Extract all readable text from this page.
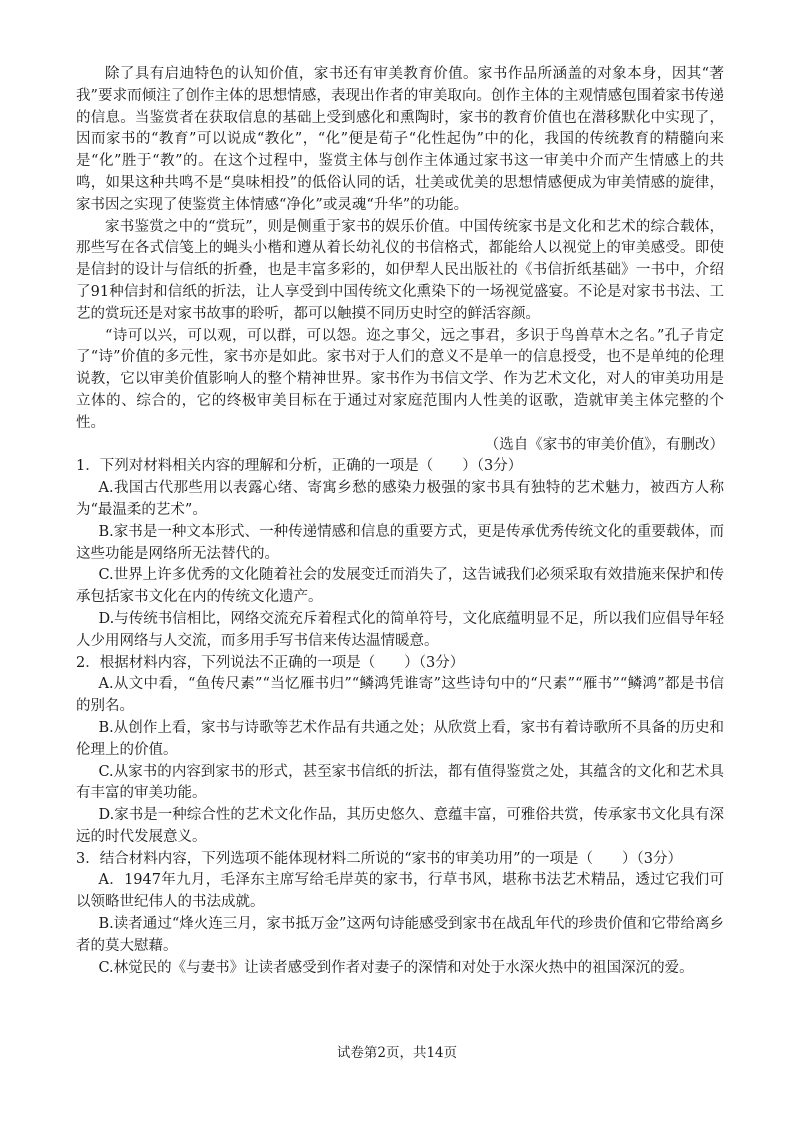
除了具有启迪特色的认知价值，家书还有审美教育价值。家书作品所涵盖的对象本身，因其“著我”要求而倾注了创作主体的思想情感，表现出作者的审美取向。创作主体的主观情感包围着家书传递的信息。当鉴赏者在获取信息的基础上受到感化和熏陶时，家书的教育价值也在潜移默化中实现了，因而家书的“教育”可以说成“教化”，“化”便是荀子“化性起伪”中的化，我国的传统教育的精髓向来是“化”胜于“教”的。在这个过程中，鉴赏主体与创作主体通过家书这一审美中介而产生情感上的共鸣，如果这种共鸣不是“臭味相投”的低俗认同的话，壮美或优美的思想情感便成为审美情感的旋律，家书因之实现了使鉴赏主体情感“净化”或灵魂“升华”的功能。

家书鉴赏之中的“赏玩”，则是侧重于家书的娱乐价值。中国传统家书是文化和艺术的综合载体，那些写在各式信笺上的蝇头小楷和遵从着长幼礼仪的书信格式，都能给人以视觉上的审美感受。即使是信封的设计与信纸的折叠，也是丰富多彩的，如伊犁人民出版社的《书信折纸基础》一书中，介绍了91种信封和信纸的折法，让人享受到中国传统文化熏染下的一场视觉盛宴。不论是对家书书法、工艺的赏玩还是对家书故事的聆听，都可以触摸不同历史时空的鲜活容颜。

“诗可以兴，可以观，可以群，可以怨。迩之事父，远之事君，多识于鸟兽草木之名。”孔子肯定了“诗”价值的多元性，家书亦是如此。家书对于人们的意义不是单一的信息授受，也不是单纯的伦理说教，它以审美价值影响人的整个精神世界。家书作为书信文学、作为艺术文化，对人的审美功用是立体的、综合的，它的终极审美目标在于通过对家庭范围内人性美的讴歌，造就审美主体完整的个性。

（选自《家书的审美价值》，有删改）

1．下列对材料相关内容的理解和分析，正确的一项是（　　）（3分）

A.我国古代那些用以表露心绪、寄寓乡愁的感染力极强的家书具有独特的艺术魅力，被西方人称为“最温柔的艺术”。

B.家书是一种文本形式、一种传递情感和信息的重要方式，更是传承优秀传统文化的重要载体，而这些功能是网络所无法替代的。

C.世界上许多优秀的文化随着社会的发展变迁而消失了，这告诫我们必须采取有效措施来保护和传承包括家书文化在内的传统文化遗产。

D.与传统书信相比，网络交流充斥着程式化的简单符号，文化底蕴明显不足，所以我们应倡导年轻人少用网络与人交流，而多用手写书信来传达温情暖意。

2．根据材料内容，下列说法不正确的一项是（　　）（3分）

A.从文中看，“鱼传尺素”“当忆雁书归”“鳞鸿凭谁寄”这些诗句中的“尺素”“雁书”“鳞鸿”都是书信的别名。

B.从创作上看，家书与诗歌等艺术作品有共通之处；从欣赏上看，家书有着诗歌所不具备的历史和伦理上的价值。

C.从家书的内容到家书的形式，甚至家书信纸的折法，都有值得鉴赏之处，其蕴含的文化和艺术具有丰富的审美功能。

D.家书是一种综合性的艺术文化作品，其历史悠久、意蕴丰富，可雅俗共赏，传承家书文化具有深远的时代发展意义。

3．结合材料内容，下列选项不能体现材料二所说的“家书的审美功用”的一项是（　　）（3分）

A．1947年九月，毛泽东主席写给毛岸英的家书，行草书风，堪称书法艺术精品，透过它我们可以领略世纪伟人的书法成就。

B.读者通过“烽火连三月，家书抵万金”这两句诗能感受到家书在战乱年代的珍贵价值和它带给离乡者的莫大慰藉。

C.林觉民的《与妻书》让读者感受到作者对妻子的深情和对处于水深火热中的祖国深沉的爱。

试卷第2页，共14页
